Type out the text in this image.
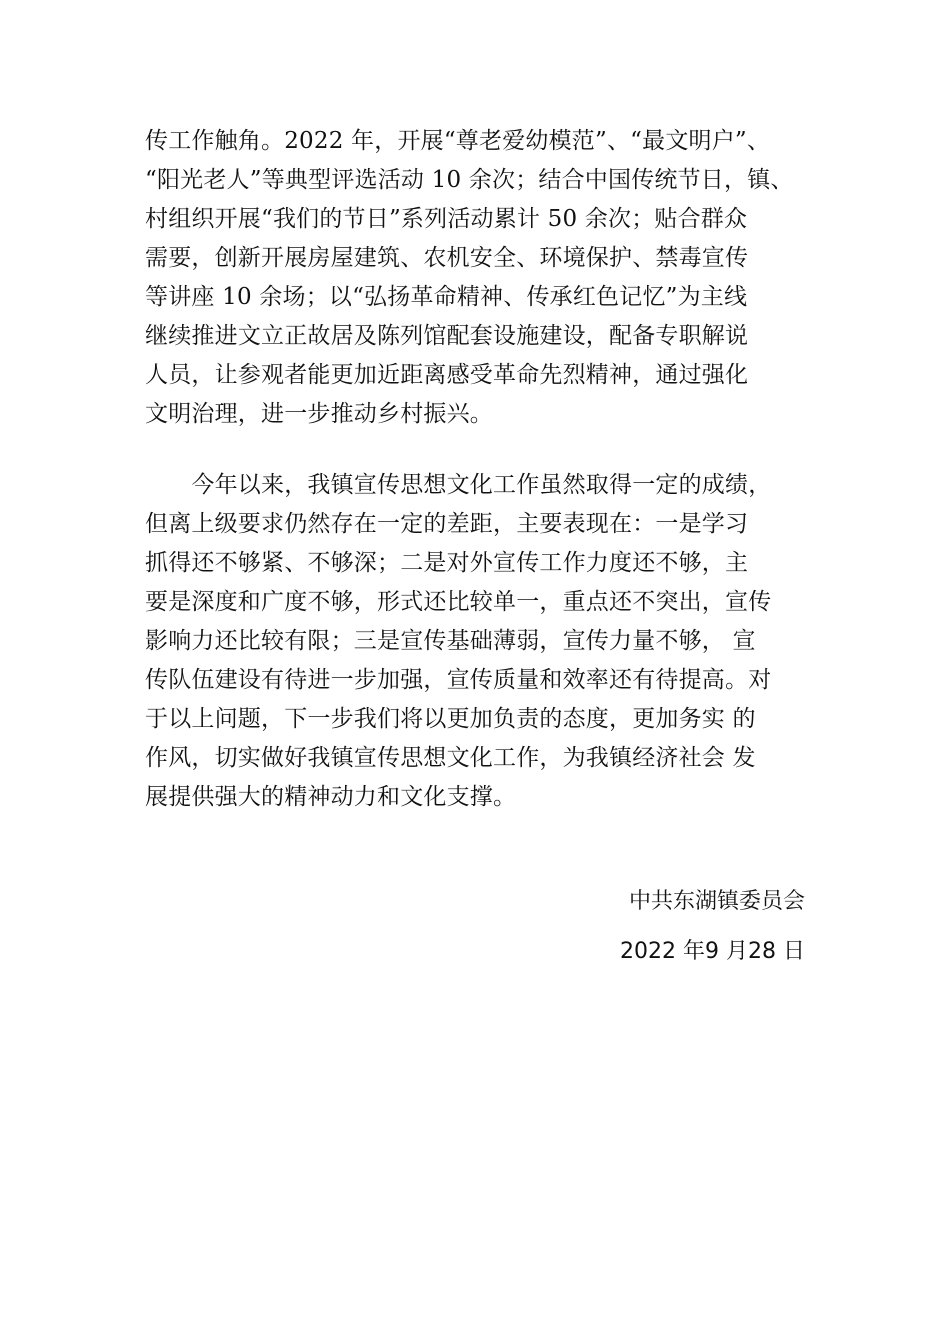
传工作触角。2022 年，开展“尊老爱幼模范”、“最文明户”、
“阳光老人”等典型评选活动 10 余次；结合中国传统节日，镇、
村组织开展“我们的节日”系列活动累计 50 余次；贴合群众
需要，创新开展房屋建筑、农机安全、环境保护、禁毒宣传
等讲座 10 余场；以“弘扬革命精神、传承红色记忆”为主线
继续推进文立正故居及陈列馆配套设施建设，配备专职解说
人员，让参观者能更加近距离感受革命先烈精神，通过强化
文明治理，进一步推动乡村振兴。
　　今年以来，我镇宣传思想文化工作虽然取得一定的成绩，
但离上级要求仍然存在一定的差距，主要表现在：一是学习
抓得还不够紧、不够深；二是对外宣传工作力度还不够，主
要是深度和广度不够，形式还比较单一，重点还不突出，宣传
影响力还比较有限；三是宣传基础薄弱，宣传力量不够， 宣
传队伍建设有待进一步加强，宣传质量和效率还有待提高。对
于以上问题，下一步我们将以更加负责的态度，更加务实 的
作风，切实做好我镇宣传思想文化工作，为我镇经济社会 发
展提供强大的精神动力和文化支撑。
中共东湖镇委员会
2022 年9 月28 日
